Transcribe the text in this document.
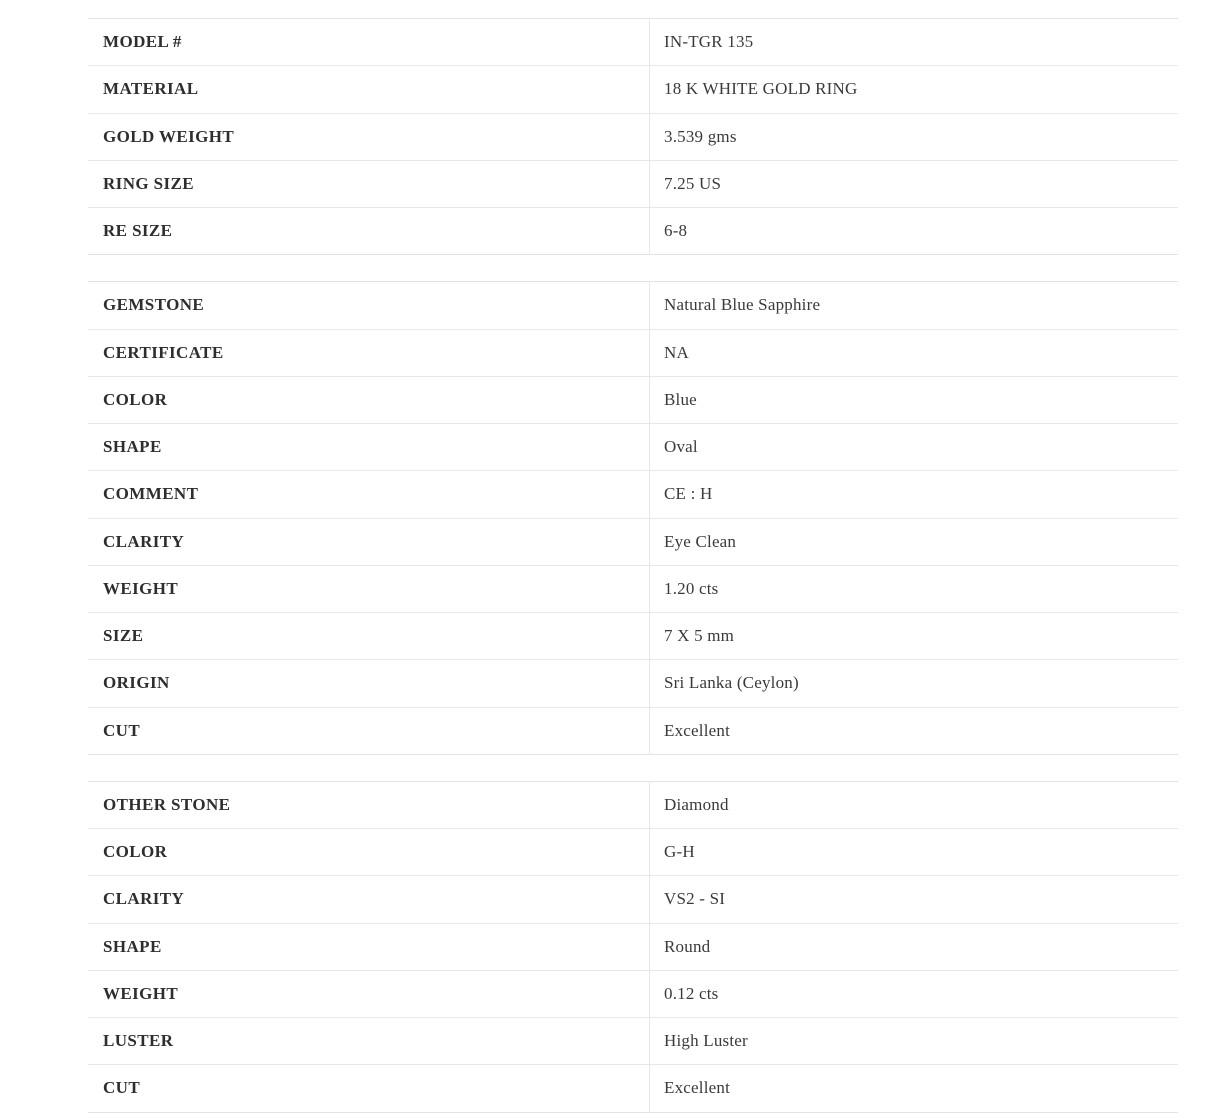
MODEL #	IN-TGR 135
MATERIAL	18 K WHITE GOLD RING
GOLD WEIGHT	3.539 gms
RING SIZE	7.25 US
RE SIZE	6-8
GEMSTONE	Natural Blue Sapphire
CERTIFICATE	NA
COLOR	Blue
SHAPE	Oval
COMMENT	CE : H
CLARITY	Eye Clean
WEIGHT	1.20 cts
SIZE	7 X 5 mm
ORIGIN	Sri Lanka (Ceylon)
CUT	Excellent
OTHER STONE	Diamond
COLOR	G-H
CLARITY	VS2 - SI
SHAPE	Round
WEIGHT	0.12 cts
LUSTER	High Luster
CUT	Excellent
